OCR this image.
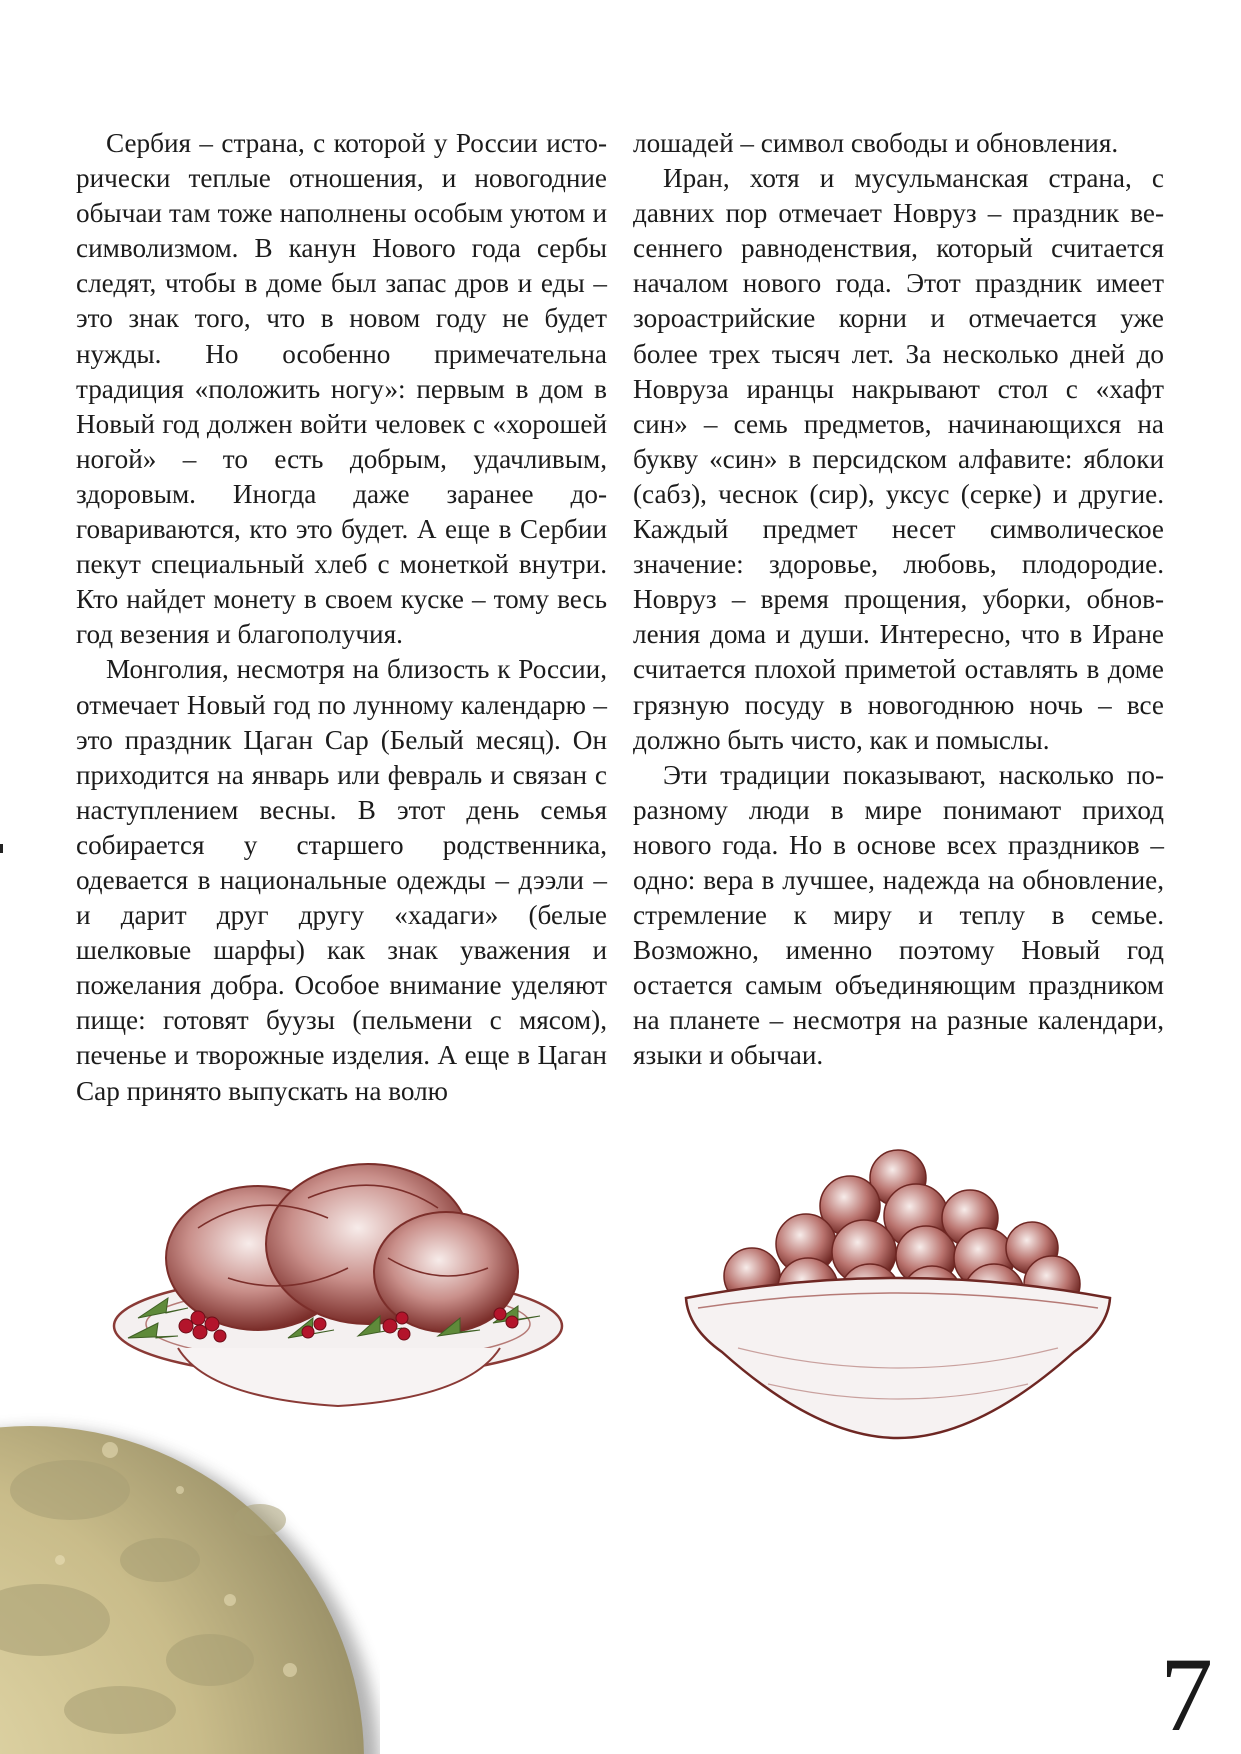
Сербия – страна, с которой у России исторически теплые отношения, и новогодние обычаи там тоже наполнены особым уютом и символизмом. В канун Нового года сербы следят, чтобы в доме был запас дров и еды – это знак того, что в новом году не будет нужды. Но особенно примечательна традиция «положить ногу»: первым в дом в Новый год должен войти человек с «хорошей ногой» – то есть добрым, удачливым, здоровым. Иногда даже заранее договариваются, кто это будет. А еще в Сербии пекут специальный хлеб с монеткой внутри. Кто найдет монету в своем куске – тому весь год везения и благополучия.

Монголия, несмотря на близость к России, отмечает Новый год по лунному календарю – это праздник Цаган Сар (Белый месяц). Он приходится на январь или февраль и связан с наступлением весны. В этот день семья собирается у старшего родственника, одевается в национальные одежды – дээли – и дарит друг другу «хадаги» (белые шелковые шарфы) как знак уважения и пожелания добра. Особое внимание уделяют пище: готовят буузы (пельмени с мясом), печенье и творожные изделия. А еще в Цаган Сар принято выпускать на волю

лошадей – символ свободы и обновления.

Иран, хотя и мусульманская страна, с давних пор отмечает Новруз – праздник весеннего равноденствия, который считается началом нового года. Этот праздник имеет зороастрийские корни и отмечается уже более трех тысяч лет. За несколько дней до Новруза иранцы накрывают стол с «хафт син» – семь предметов, начинающихся на букву «син» в персидском алфавите: яблоки (сабз), чеснок (сир), уксус (серке) и другие. Каждый предмет несет символическое значение: здоровье, любовь, плодородие. Новруз – время прощения, уборки, обновления дома и души. Интересно, что в Иране считается плохой приметой оставлять в доме грязную посуду в новогоднюю ночь – все должно быть чисто, как и помыслы.

Эти традиции показывают, насколько по-разному люди в мире понимают приход нового года. Но в основе всех праздников – одно: вера в лучшее, надежда на обновление, стремление к миру и теплу в семье. Возможно, именно поэтому Новый год остается самым объединяющим праздником на планете – несмотря на разные календари, языки и обычаи.

7
